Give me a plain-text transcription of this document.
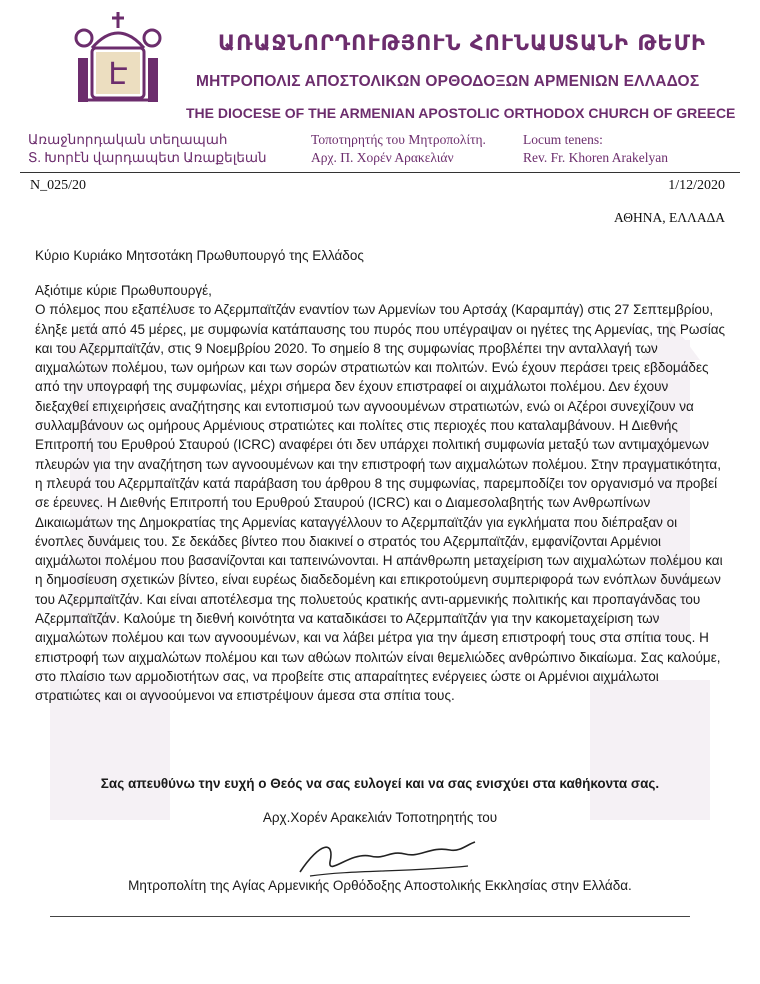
Է
ԱՌԱՋՆՈՐԴՈՒԹՅՈՒՆ ՀՈՒՆԱՍՏԱՆԻ ԹԵՄԻ
ΜΗΤΡΟΠΟΛΙΣ ΑΠΟΣΤΟΛΙΚΩΝ ΟΡΘΟΔΟΞΩΝ ΑΡΜΕΝΙΩΝ ΕΛΛΑΔΟΣ
THE DIOCESE OF THE ARMENIAN APOSTOLIC ORTHODOX CHURCH OF GREECE
Առաջնորդական տեղապահ
Տ. Խորէն վարդապետ Առաքելեան
Τοποτηρητής του Μητροπολίτη.
Αρχ. Π. Χορέν Αρακελιάν
Locum tenens:
Rev. Fr. Khoren Arakelyan
N_025/20	1/12/2020
ΑΘΗΝΑ, ΕΛΛΑΔΑ
Κύριο Κυριάκο Μητσοτάκη Πρωθυπουργό της Ελλάδος

Αξιότιμε κύριε Πρωθυπουργέ,

Ο πόλεμος που εξαπέλυσε το Αζερμπαϊτζάν εναντίον των Αρμενίων του Αρτσάχ (Καραμπάγ) στις 27 Σεπτεμβρίου, έληξε μετά από 45 μέρες, με συμφωνία κατάπαυσης του πυρός που υπέγραψαν οι ηγέτες της Αρμενίας, της Ρωσίας και του Αζερμπαϊτζάν, στις 9 Νοεμβρίου 2020. Το σημείο 8 της συμφωνίας προβλέπει την ανταλλαγή των αιχμαλώτων πολέμου, των ομήρων και των σορών στρατιωτών και πολιτών. Ενώ έχουν περάσει τρεις εβδομάδες από την υπογραφή της συμφωνίας, μέχρι σήμερα δεν έχουν επιστραφεί οι αιχμάλωτοι πολέμου. Δεν έχουν διεξαχθεί επιχειρήσεις αναζήτησης και εντοπισμού των αγνοουμένων στρατιωτών, ενώ οι Αζέροι συνεχίζουν να συλλαμβάνουν ως ομήρους Αρμένιους στρατιώτες και πολίτες στις περιοχές που καταλαμβάνουν. Η Διεθνής Επιτροπή του Ερυθρού Σταυρού (ICRC) αναφέρει ότι δεν υπάρχει πολιτική συμφωνία μεταξύ των αντιμαχόμενων πλευρών για την αναζήτηση των αγνοουμένων και την επιστροφή των αιχμαλώτων πολέμου. Στην πραγματικότητα, η πλευρά του Αζερμπαϊτζάν κατά παράβαση του άρθρου 8 της συμφωνίας, παρεμποδίζει τον οργανισμό να προβεί σε έρευνες. Η Διεθνής Επιτροπή του Ερυθρού Σταυρού (ICRC) και ο Διαμεσολαβητής των Ανθρωπίνων Δικαιωμάτων της Δημοκρατίας της Αρμενίας καταγγέλλουν το Αζερμπαϊτζάν για εγκλήματα που διέπραξαν οι ένοπλες δυνάμεις του. Σε δεκάδες βίντεο που διακινεί ο στρατός του Αζερμπαϊτζάν, εμφανίζονται Αρμένιοι αιχμάλωτοι πολέμου που βασανίζονται και ταπεινώνονται. Η απάνθρωπη μεταχείριση των αιχμαλώτων πολέμου και η δημοσίευση σχετικών βίντεο, είναι ευρέως διαδεδομένη και επικροτούμενη συμπεριφορά των ενόπλων δυνάμεων του Αζερμπαϊτζάν. Και είναι αποτέλεσμα της πολυετούς κρατικής αντι-αρμενικής πολιτικής και προπαγάνδας του Αζερμπαϊτζάν. Καλούμε τη διεθνή κοινότητα να καταδικάσει το Αζερμπαϊτζάν για την κακομεταχείριση των αιχμαλώτων πολέμου και των αγνοουμένων, και να λάβει μέτρα για την άμεση επιστροφή τους στα σπίτια τους. Η επιστροφή των αιχμαλώτων πολέμου και των αθώων πολιτών είναι θεμελιώδες ανθρώπινο δικαίωμα. Σας καλούμε, στο πλαίσιο των αρμοδιοτήτων σας, να προβείτε στις απαραίτητες ενέργειες ώστε οι Αρμένιοι αιχμάλωτοι στρατιώτες και οι αγνοούμενοι να επιστρέψουν άμεσα στα σπίτια τους.

Σας απευθύνω την ευχή ο Θεός να σας ευλογεί και να σας ενισχύει στα καθήκοντα σας.
Αρχ.Χορέν Αρακελιάν Τοποτηρητής του
Μητροπολίτη της Αγίας Αρμενικής Ορθόδοξης Αποστολικής Εκκλησίας στην Ελλάδα.
